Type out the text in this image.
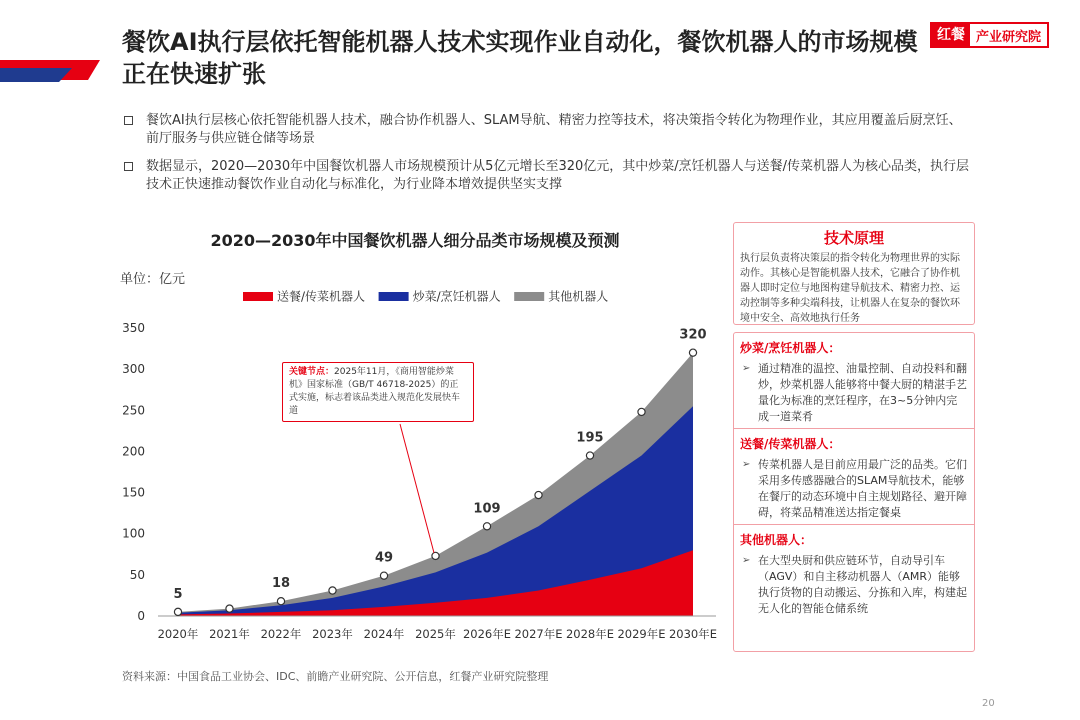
餐饮AI执行层依托智能机器人技术实现作业自动化，餐饮机器人的市场规模正在快速扩张
红餐 产业研究院
餐饮AI执行层核心依托智能机器人技术，融合协作机器人、SLAM导航、精密力控等技术，将决策指令转化为物理作业，其应用覆盖后厨烹饪、前厅服务与供应链仓储等场景
数据显示，2020—2030年中国餐饮机器人市场规模预计从5亿元增长至320亿元，其中炒菜/烹饪机器人与送餐/传菜机器人为核心品类，执行层技术正快速推动餐饮作业自动化与标准化，为行业降本增效提供坚实支撑
2020—2030年中国餐饮机器人细分品类市场规模及预测
单位：亿元
0
50
100
150
200
250
300
350
2020年 2021年 2022年 2023年 2024年 2025年 2026年E 2027年E 2028年E 2029年E 2030年E
5
18
49
109
195
320
送餐/传菜机器人	炒菜/烹饪机器人	其他机器人
关键节点：2025年11月，《商用智能炒菜机》国家标准（GB/T 46718-2025）的正式实施，标志着该品类进入规范化发展快车道
技术原理
执行层负责将决策层的指令转化为物理世界的实际动作。其核心是智能机器人技术，它融合了协作机器人即时定位与地图构建导航技术、精密力控、运动控制等多种尖端科技，让机器人在复杂的餐饮环境中安全、高效地执行任务
炒菜/烹饪机器人：
➢ 通过精准的温控、油量控制、自动投料和翻炒，炒菜机器人能够将中餐大厨的精湛手艺量化为标准的烹饪程序，在3~5分钟内完成一道菜肴
送餐/传菜机器人：
➢ 传菜机器人是目前应用最广泛的品类。它们采用多传感器融合的SLAM导航技术，能够在餐厅的动态环境中自主规划路径、避开障碍，将菜品精准送达指定餐桌
其他机器人：
➢ 在大型央厨和供应链环节，自动导引车（AGV）和自主移动机器人（AMR）能够执行货物的自动搬运、分拣和入库，构建起无人化的智能仓储系统
资料来源：中国食品工业协会、IDC、前瞻产业研究院、公开信息，红餐产业研究院整理
20
